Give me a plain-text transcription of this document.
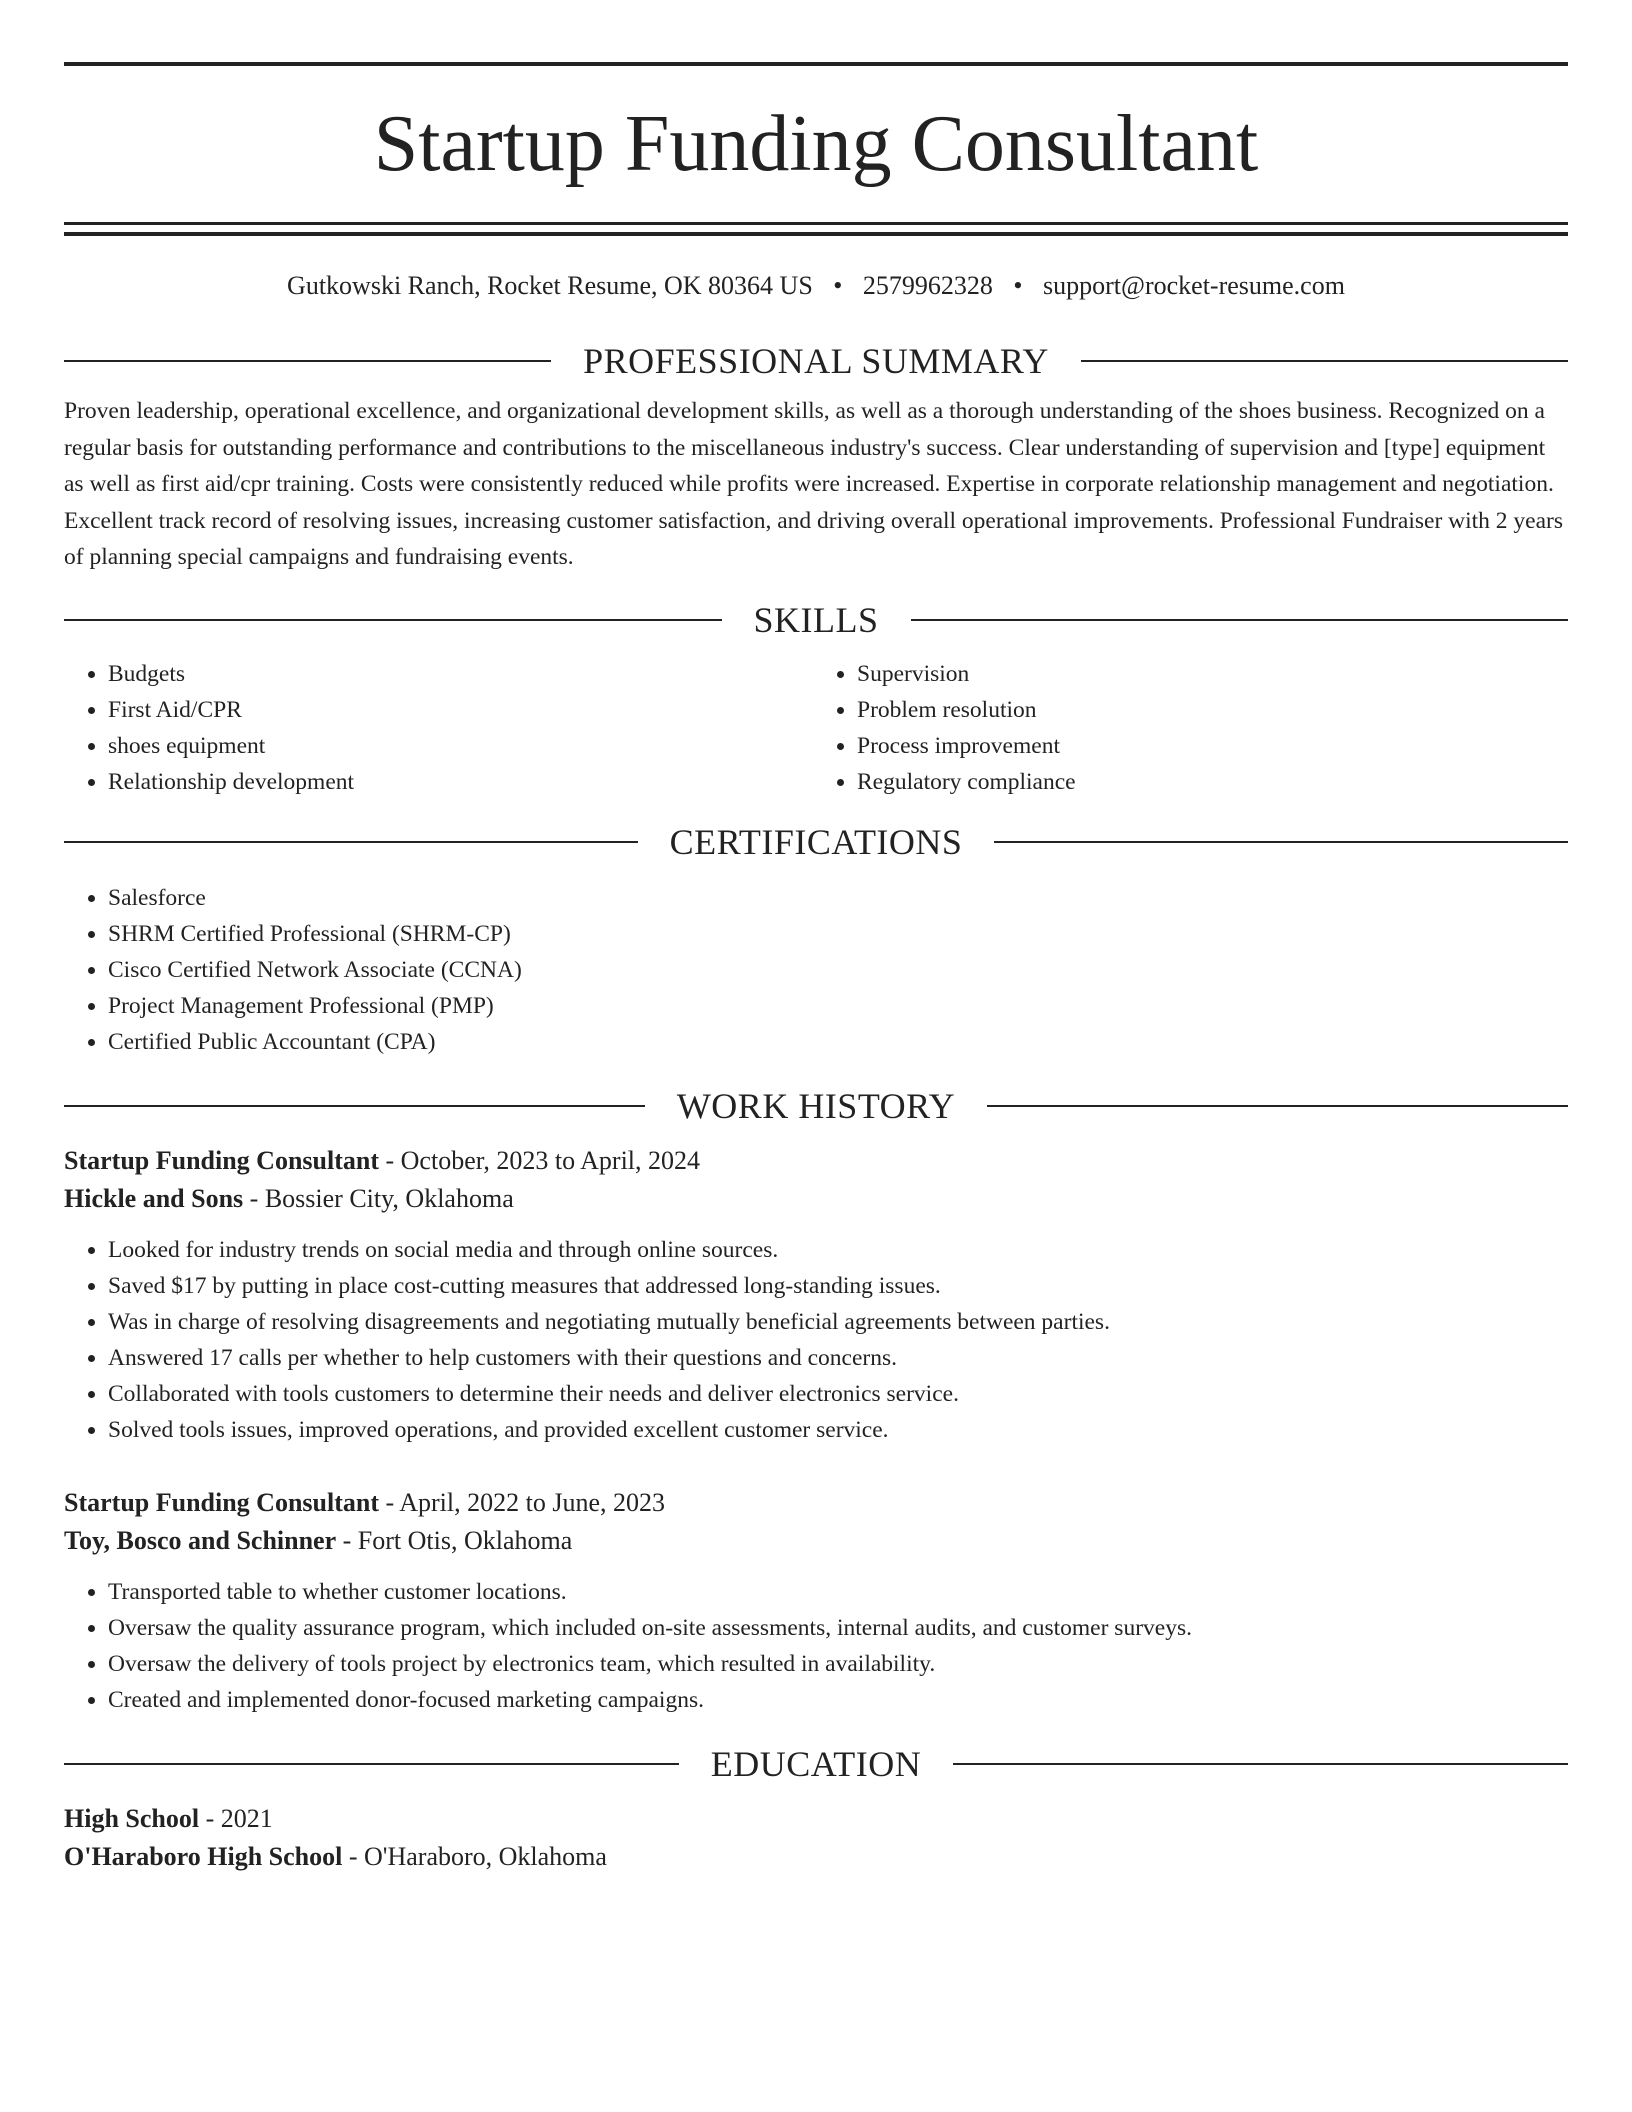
Startup Funding Consultant
Gutkowski Ranch, Rocket Resume, OK 80364 US • 2579962328 • support@rocket-resume.com
PROFESSIONAL SUMMARY

Proven leadership, operational excellence, and organizational development skills, as well as a thorough understanding of the shoes business. Recognized on a regular basis for outstanding performance and contributions to the miscellaneous industry's success. Clear understanding of supervision and [type] equipment as well as first aid/cpr training. Costs were consistently reduced while profits were increased. Expertise in corporate relationship management and negotiation. Excellent track record of resolving issues, increasing customer satisfaction, and driving overall operational improvements. Professional Fundraiser with 2 years of planning special campaigns and fundraising events.

SKILLS
• Budgets
• First Aid/CPR
• shoes equipment
• Relationship development
• Supervision
• Problem resolution
• Process improvement
• Regulatory compliance
CERTIFICATIONS
• Salesforce
• SHRM Certified Professional (SHRM-CP)
• Cisco Certified Network Associate (CCNA)
• Project Management Professional (PMP)
• Certified Public Accountant (CPA)
WORK HISTORY
Startup Funding Consultant - October, 2023 to April, 2024
Hickle and Sons - Bossier City, Oklahoma
• Looked for industry trends on social media and through online sources.
• Saved $17 by putting in place cost-cutting measures that addressed long-standing issues.
• Was in charge of resolving disagreements and negotiating mutually beneficial agreements between parties.
• Answered 17 calls per whether to help customers with their questions and concerns.
• Collaborated with tools customers to determine their needs and deliver electronics service.
• Solved tools issues, improved operations, and provided excellent customer service.
Startup Funding Consultant - April, 2022 to June, 2023
Toy, Bosco and Schinner - Fort Otis, Oklahoma
• Transported table to whether customer locations.
• Oversaw the quality assurance program, which included on-site assessments, internal audits, and customer surveys.
• Oversaw the delivery of tools project by electronics team, which resulted in availability.
• Created and implemented donor-focused marketing campaigns.
EDUCATION
High School - 2021
O'Haraboro High School - O'Haraboro, Oklahoma
